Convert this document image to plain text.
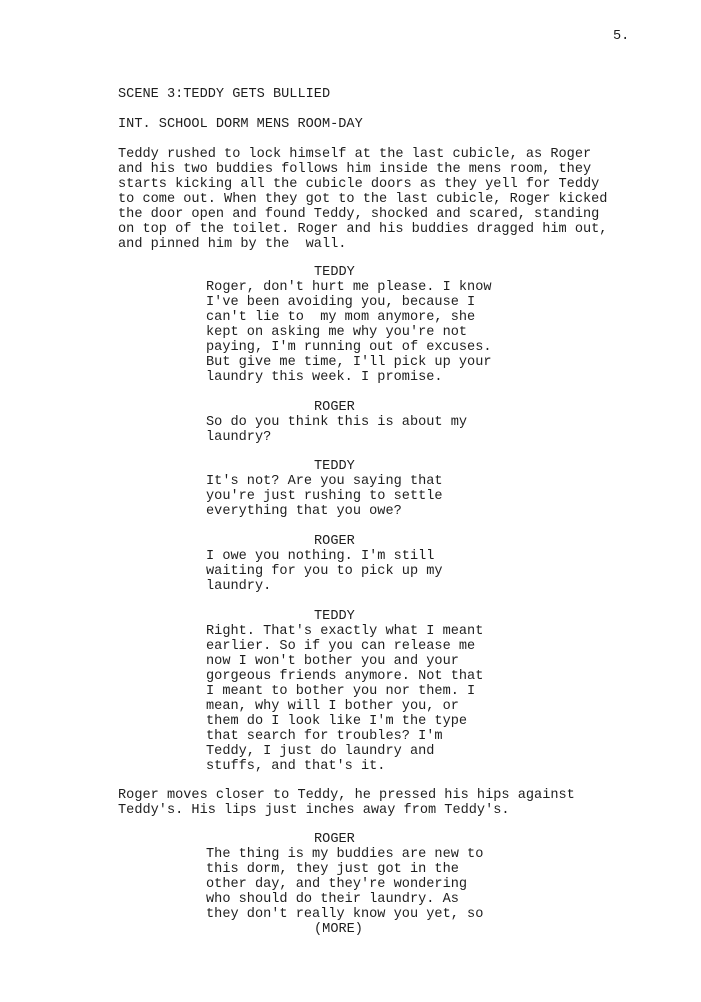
5.
SCENE 3:TEDDY GETS BULLIED
INT. SCHOOL DORM MENS ROOM-DAY
Teddy rushed to lock himself at the last cubicle, as Roger
and his two buddies follows him inside the mens room, they
starts kicking all the cubicle doors as they yell for Teddy
to come out. When they got to the last cubicle, Roger kicked
the door open and found Teddy, shocked and scared, standing
on top of the toilet. Roger and his buddies dragged him out,
and pinned him by the  wall.
TEDDY
Roger, don't hurt me please. I know
I've been avoiding you, because I
can't lie to  my mom anymore, she
kept on asking me why you're not
paying, I'm running out of excuses.
But give me time, I'll pick up your
laundry this week. I promise.
ROGER
So do you think this is about my
laundry?
TEDDY
It's not? Are you saying that
you're just rushing to settle
everything that you owe?
ROGER
I owe you nothing. I'm still
waiting for you to pick up my
laundry.
TEDDY
Right. That's exactly what I meant
earlier. So if you can release me
now I won't bother you and your
gorgeous friends anymore. Not that
I meant to bother you nor them. I
mean, why will I bother you, or
them do I look like I'm the type
that search for troubles? I'm
Teddy, I just do laundry and
stuffs, and that's it.
Roger moves closer to Teddy, he pressed his hips against
Teddy's. His lips just inches away from Teddy's.
ROGER
The thing is my buddies are new to
this dorm, they just got in the
other day, and they're wondering
who should do their laundry. As
they don't really know you yet, so
(MORE)
